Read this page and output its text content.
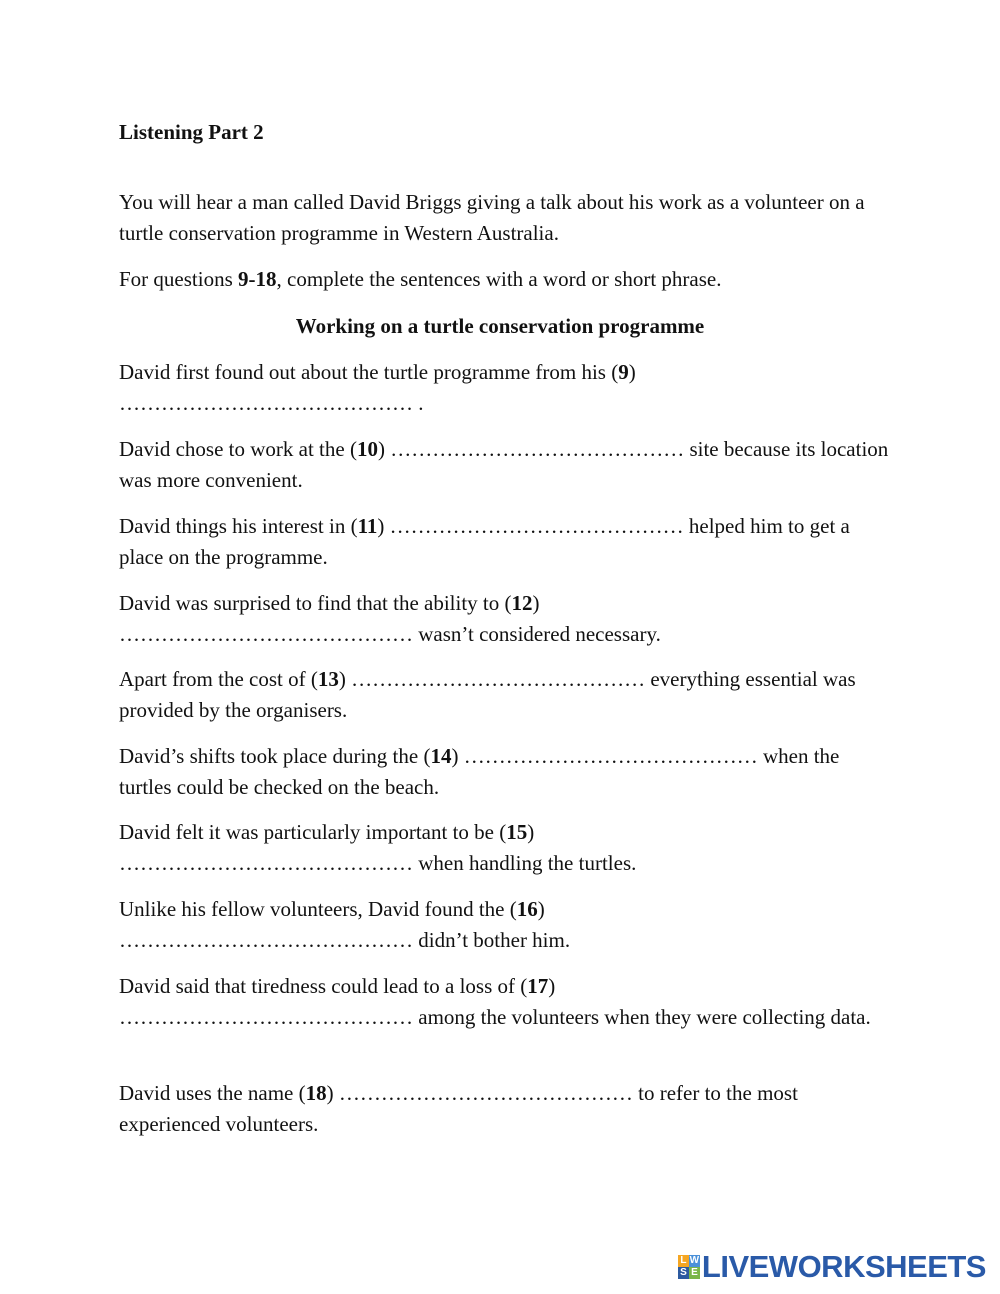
Listening Part 2

You will hear a man called David Briggs giving a talk about his work as a volunteer on a turtle conservation programme in Western Australia.

For questions 9-18, complete the sentences with a word or short phrase.

Working on a turtle conservation programme

David first found out about the turtle programme from his (9)
…………………………………… .

David chose to work at the (10) …………………………………… site because its location was more convenient.

David things his interest in (11) …………………………………… helped him to get a place on the programme.

David was surprised to find that the ability to (12)
…………………………………… wasn’t considered necessary.

Apart from the cost of (13) …………………………………… everything essential was provided by the organisers.

David’s shifts took place during the (14) …………………………………… when the turtles could be checked on the beach.

David felt it was particularly important to be (15)
…………………………………… when handling the turtles.

Unlike his fellow volunteers, David found the (16)
…………………………………… didn’t bother him.

David said that tiredness could lead to a loss of (17)
…………………………………… among the volunteers when they were collecting data.

David uses the name (18) …………………………………… to refer to the most experienced volunteers.

L W
S E LIVEWORKSHEETS
